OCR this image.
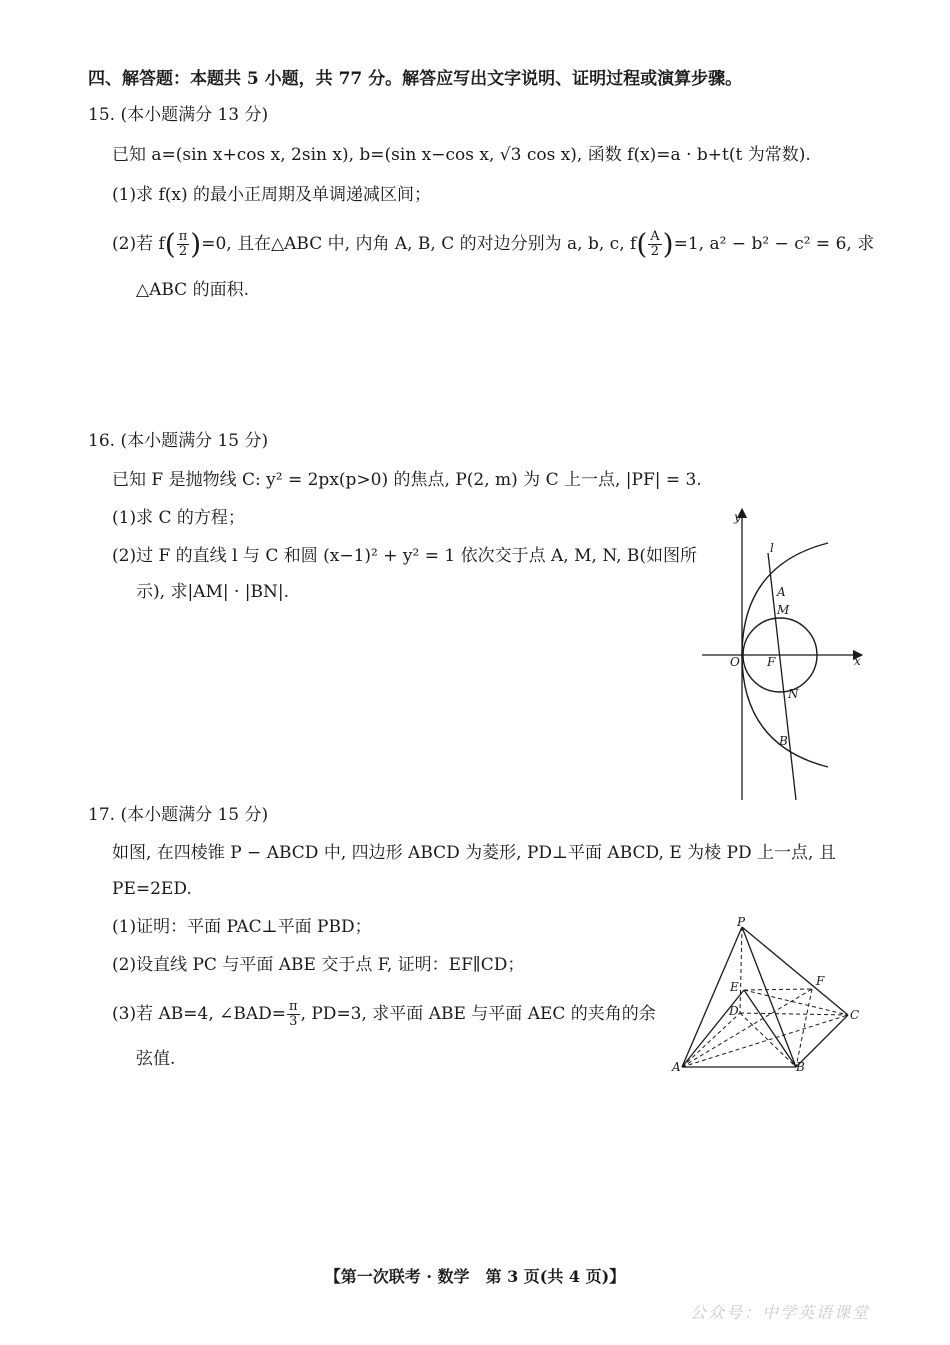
四、解答题：本题共 5 小题，共 77 分。解答应写出文字说明、证明过程或演算步骤。
15. (本小题满分 13 分)
已知 a=(sin x+cos x, 2sin x), b=(sin x−cos x, √3 cos x), 函数 f(x)=a · b+t(t 为常数).
(1)求 f(x) 的最小正周期及单调递减区间；
(2)若 $f( \frac{\pi}{2} )=0$, 且在△ABC 中, 内角 A, B, C 的对边分别为 a, b, c, $f( \frac{A}{2} )=1$, a² − b² − c² = 6, 求
△ABC 的面积.
16. (本小题满分 15 分)
已知 F 是抛物线 C: y² = 2px(p>0) 的焦点, P(2, m) 为 C 上一点, |PF| = 3.
(1)求 C 的方程；
(2)过 F 的直线 l 与 C 和圆 (x−1)² + y² = 1 依次交于点 A, M, N, B(如图所
示), 求|AM| · |BN|.
y
x
O F
l
A
M
N
B
17. (本小题满分 15 分)
如图, 在四棱锥 P − ABCD 中, 四边形 ABCD 为菱形, PD⊥平面 ABCD, E 为棱 PD 上一点, 且
PE=2ED.
(1)证明：平面 PAC⊥平面 PBD；
(2)设直线 PC 与平面 ABE 交于点 F, 证明：EF∥CD；
(3)若 AB=4, ∠BAD= $\frac{\pi}{3}$ , PD=3, 求平面 ABE 与平面 AEC 的夹角的余
弦值.
P
E
D
F
C
A	B
【第一次联考 · 数学　第 3 页(共 4 页)】
公众号：中学英语课堂
